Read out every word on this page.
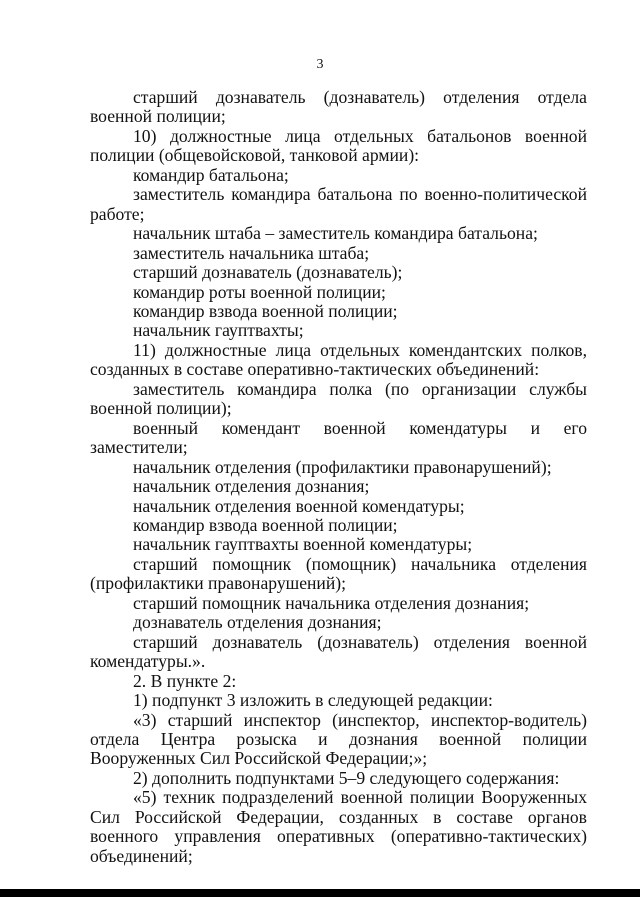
3

старший дознаватель (дознаватель) отделения отдела военной полиции;

10) должностные лица отдельных батальонов военной полиции (общевойсковой, танковой армии):

командир батальона;

заместитель командира батальона по военно-политической работе;

начальник штаба – заместитель командира батальона;

заместитель начальника штаба;

старший дознаватель (дознаватель);

командир роты военной полиции;

командир взвода военной полиции;

начальник гауптвахты;

11) должностные лица отдельных комендантских полков, созданных в составе оперативно-тактических объединений:

заместитель командира полка (по организации службы военной полиции);

военный комендант военной комендатуры и его заместители;

начальник отделения (профилактики правонарушений);

начальник отделения дознания;

начальник отделения военной комендатуры;

командир взвода военной полиции;

начальник гауптвахты военной комендатуры;

старший помощник (помощник) начальника отделения (профилактики правонарушений);

старший помощник начальника отделения дознания;

дознаватель отделения дознания;

старший дознаватель (дознаватель) отделения военной комендатуры.».

2. В пункте 2:

1) подпункт 3 изложить в следующей редакции:

«3) старший инспектор (инспектор, инспектор-водитель) отдела Центра розыска и дознания военной полиции Вооруженных Сил Российской Федерации;»;

2) дополнить подпунктами 5–9 следующего содержания:

«5) техник подразделений военной полиции Вооруженных Сил Российской Федерации, созданных в составе органов военного управления оперативных (оперативно-тактических) объединений;
